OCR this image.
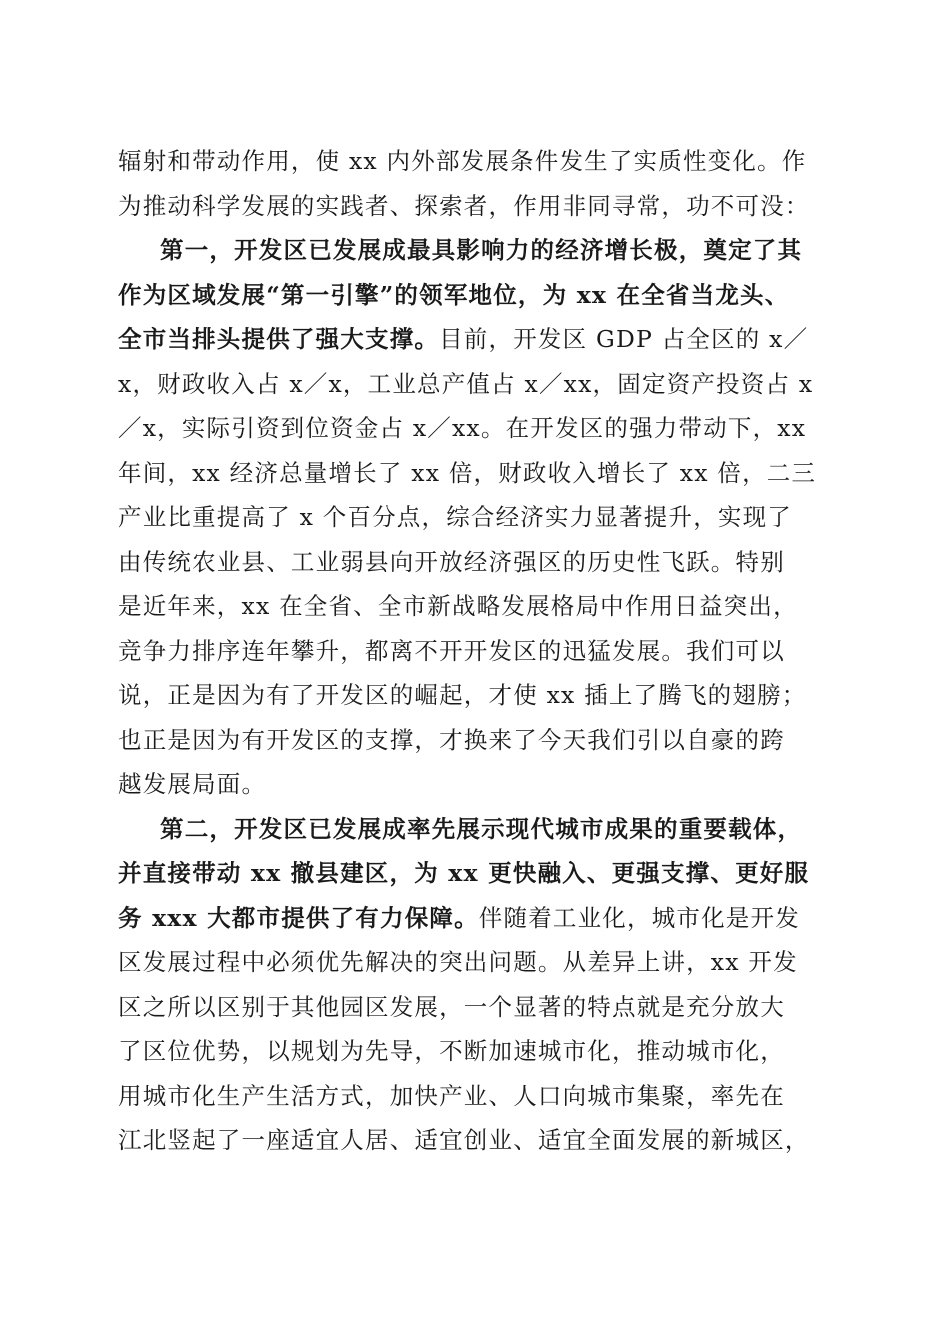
辐射和带动作用，使 xx 内外部发展条件发生了实质性变化。作
为推动科学发展的实践者、探索者，作用非同寻常，功不可没：
第一，开发区已发展成最具影响力的经济增长极，奠定了其
作为区域发展“第一引擎”的领军地位，为 xx 在全省当龙头、
全市当排头提供了强大支撑。目前，开发区 GDP 占全区的 x／
x，财政收入占 x／x，工业总产值占 x／xx，固定资产投资占 x
／x，实际引资到位资金占 x／xx。在开发区的强力带动下，xx
年间，xx 经济总量增长了 xx 倍，财政收入增长了 xx 倍，二三
产业比重提高了 x 个百分点，综合经济实力显著提升，实现了
由传统农业县、工业弱县向开放经济强区的历史性飞跃。特别
是近年来，xx 在全省、全市新战略发展格局中作用日益突出，
竞争力排序连年攀升，都离不开开发区的迅猛发展。我们可以
说，正是因为有了开发区的崛起，才使 xx 插上了腾飞的翅膀；
也正是因为有开发区的支撑，才换来了今天我们引以自豪的跨
越发展局面。
第二，开发区已发展成率先展示现代城市成果的重要载体，
并直接带动 xx 撤县建区，为 xx 更快融入、更强支撑、更好服
务 xxx 大都市提供了有力保障。伴随着工业化，城市化是开发
区发展过程中必须优先解决的突出问题。从差异上讲，xx 开发
区之所以区别于其他园区发展，一个显著的特点就是充分放大
了区位优势，以规划为先导，不断加速城市化，推动城市化，
用城市化生产生活方式，加快产业、人口向城市集聚，率先在
江北竖起了一座适宜人居、适宜创业、适宜全面发展的新城区，
